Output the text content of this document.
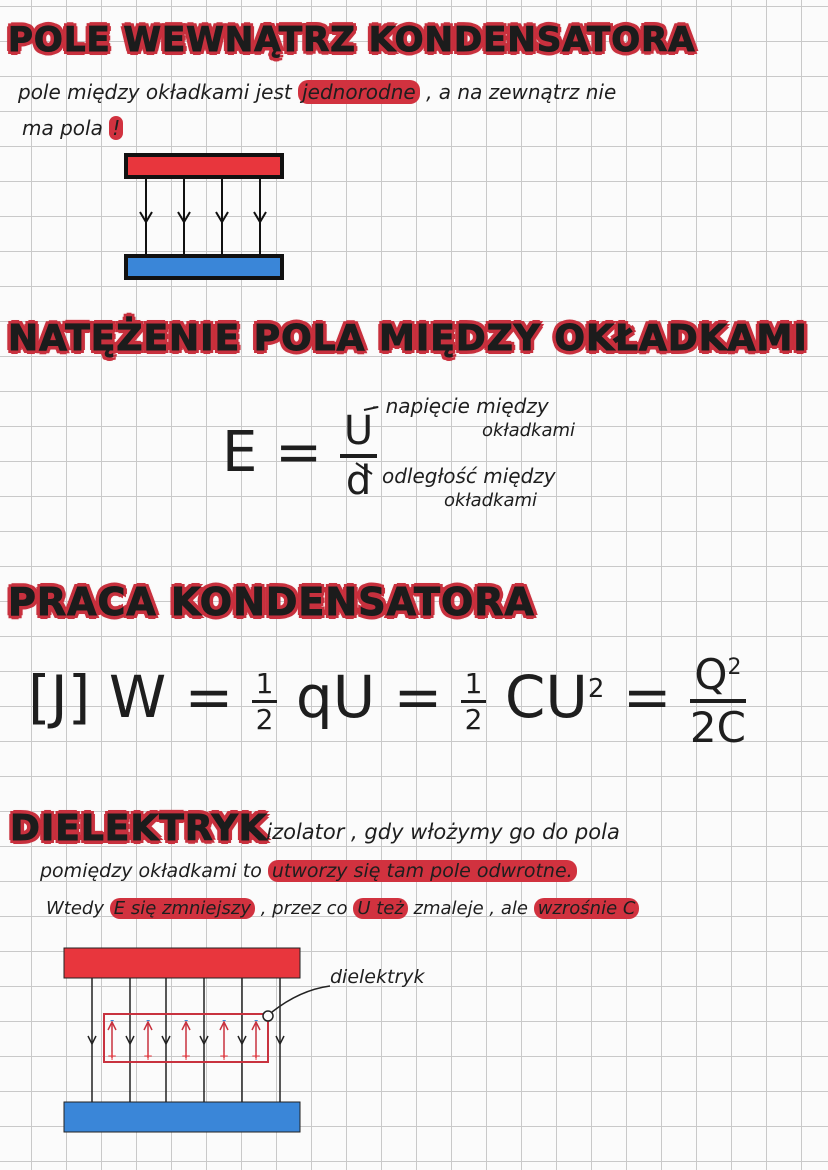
POLE WEWNĄTRZ KONDENSATORA
pole między okładkami jest jednorodne , a na zewnątrz nie
ma pola !
-	-	-	- -
+ + + + +
NATĘŻENIE POLA MIĘDZY OKŁADKAMI
$E = \frac{U}{d}$
- napięcie między
okładkami
odległość między
okładkami
PRACA KONDENSATORA
[J] $W = \frac{1}{2}$ qU = $\frac{1}{2} CU^2 = \frac{Q^2}{2C}$
DIELEKTRYK
- izolator , gdy włożymy go do pola
pomiędzy okładkami to utworzy się tam pole odwrotne.
Wtedy E się zmniejszy , przez co U też zmaleje , ale wzrośnie C
dielektryk
